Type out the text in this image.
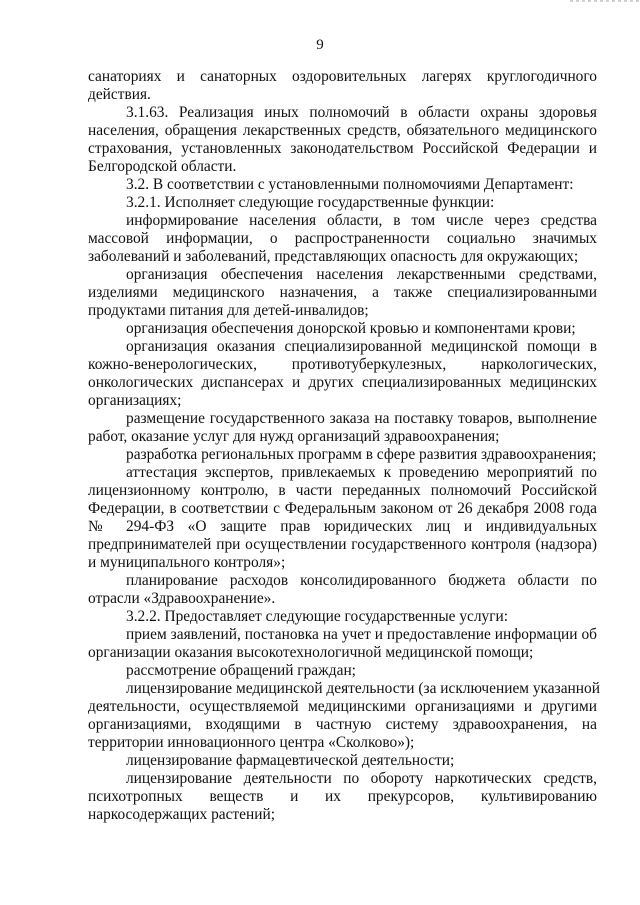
9
санаториях и санаторных оздоровительных лагерях круглогодичного
действия.
3.1.63. Реализация иных полномочий в области охраны здоровья
населения, обращения лекарственных средств, обязательного медицинского
страхования, установленных законодательством Российской Федерации и
Белгородской области.
3.2. В соответствии с установленными полномочиями Департамент:
3.2.1. Исполняет следующие государственные функции:
информирование населения области, в том числе через средства
массовой информации, о распространенности социально значимых
заболеваний и заболеваний, представляющих опасность для окружающих;
организация обеспечения населения лекарственными средствами,
изделиями медицинского назначения, а также специализированными
продуктами питания для детей-инвалидов;
организация обеспечения донорской кровью и компонентами крови;
организация оказания специализированной медицинской помощи в
кожно-венерологических, противотуберкулезных, наркологических,
онкологических диспансерах и других специализированных медицинских
организациях;
размещение государственного заказа на поставку товаров, выполнение
работ, оказание услуг для нужд организаций здравоохранения;
разработка региональных программ в сфере развития здравоохранения;
аттестация экспертов, привлекаемых к проведению мероприятий по
лицензионному контролю, в части переданных полномочий Российской
Федерации, в соответствии с Федеральным законом от 26 декабря 2008 года
№ 294-ФЗ «О защите прав юридических лиц и индивидуальных
предпринимателей при осуществлении государственного контроля (надзора)
и муниципального контроля»;
планирование расходов консолидированного бюджета области по
отрасли «Здравоохранение».
3.2.2. Предоставляет следующие государственные услуги:
прием заявлений, постановка на учет и предоставление информации об
организации оказания высокотехнологичной медицинской помощи;
рассмотрение обращений граждан;
лицензирование медицинской деятельности (за исключением указанной
деятельности, осуществляемой медицинскими организациями и другими
организациями, входящими в частную систему здравоохранения, на
территории инновационного центра «Сколково»);
лицензирование фармацевтической деятельности;
лицензирование деятельности по обороту наркотических средств,
психотропных веществ и их прекурсоров, культивированию
наркосодержащих растений;
